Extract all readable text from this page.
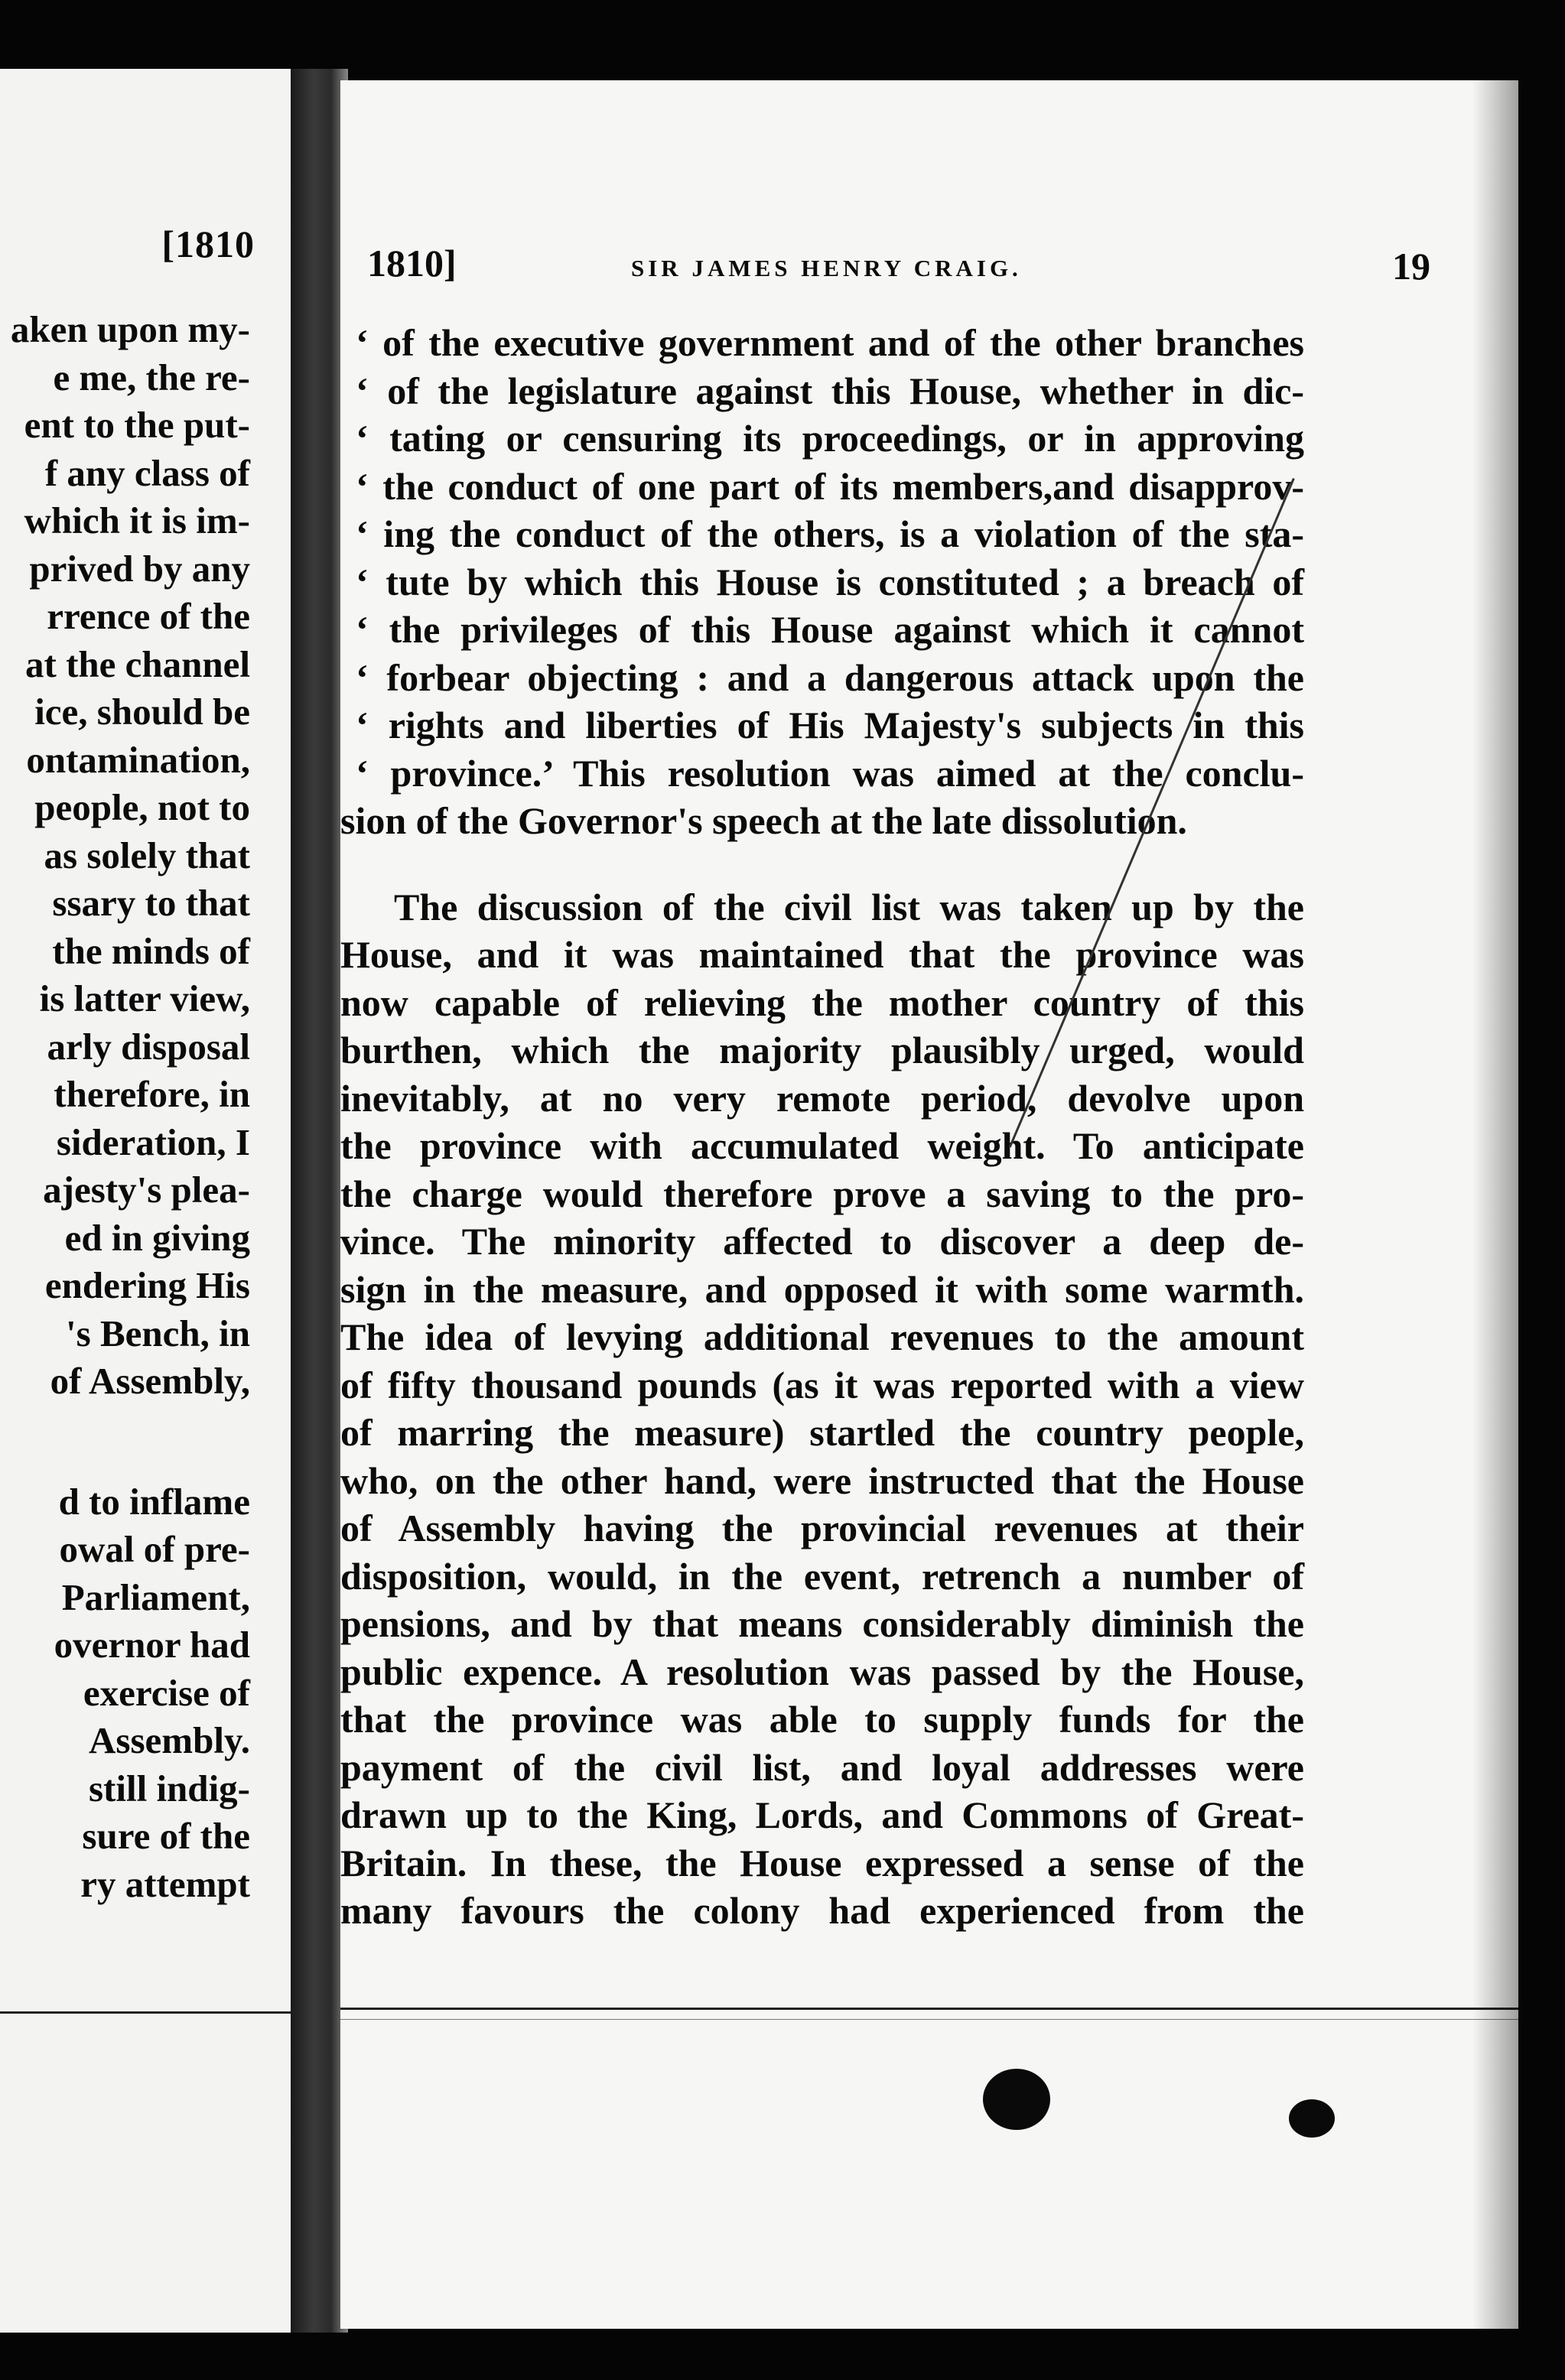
[1810
aken upon my-
e me, the re-
ent to the put-
f any class of
which it is im-
prived by any
rrence of the
at the channel
ice, should be
ontamination,
people, not to
as solely that
ssary to that
the minds of
is latter view,
arly disposal
therefore, in
sideration, I
ajesty's plea-
ed in giving
endering His
's Bench, in
of Assembly,
d to inflame
owal of pre-
Parliament,
overnor had
exercise of
Assembly.
still indig-
sure of the
ry attempt
1810]	SIR JAMES HENRY CRAIG.	19
‘ of the executive government and of the other branches
‘ of the legislature against this House, whether in dic-
‘ tating or censuring its proceedings, or in approving
‘ the conduct of one part of its members,and disapprov-
‘ ing the conduct of the others, is a violation of the sta-
‘ tute by which this House is constituted ; a breach of
‘ the privileges of this House against which it cannot
‘ forbear objecting : and a dangerous attack upon the
‘ rights and liberties of His Majesty's subjects in this
‘ province.’ This resolution was aimed at the conclu-
sion of the Governor's speech at the late dissolution.
The discussion of the civil list was taken up by the
House, and it was maintained that the province was
now capable of relieving the mother country of this
burthen, which the majority plausibly urged, would
inevitably, at no very remote period, devolve upon
the province with accumulated weight. To anticipate
the charge would therefore prove a saving to the pro-
vince. The minority affected to discover a deep de-
sign in the measure, and opposed it with some warmth.
The idea of levying additional revenues to the amount
of fifty thousand pounds (as it was reported with a view
of marring the measure) startled the country people,
who, on the other hand, were instructed that the House
of Assembly having the provincial revenues at their
disposition, would, in the event, retrench a number of
pensions, and by that means considerably diminish the
public expence. A resolution was passed by the House,
that the province was able to supply funds for the
payment of the civil list, and loyal addresses were
drawn up to the King, Lords, and Commons of Great-
Britain. In these, the House expressed a sense of the
many favours the colony had experienced from the
